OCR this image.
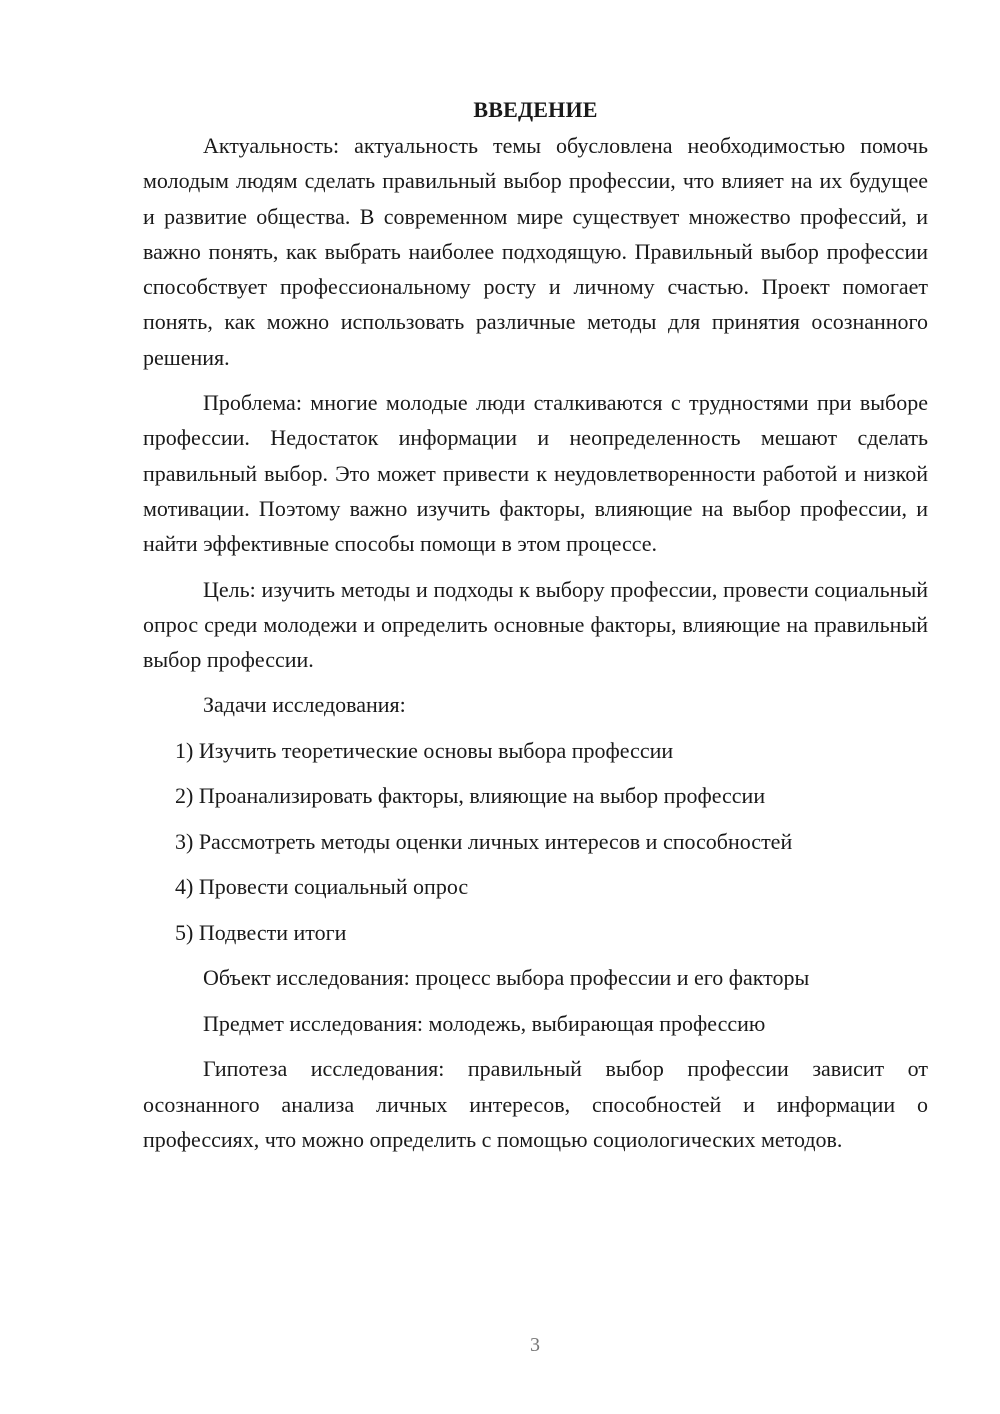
ВВЕДЕНИЕ

Актуальность: актуальность темы обусловлена необходимостью помочь молодым людям сделать правильный выбор профессии, что влияет на их будущее и развитие общества. В современном мире существует множество профессий, и важно понять, как выбрать наиболее подходящую. Правильный выбор профессии способствует профессиональному росту и личному счастью. Проект помогает понять, как можно использовать различные методы для принятия осознанного решения.

Проблема: многие молодые люди сталкиваются с трудностями при выборе профессии. Недостаток информации и неопределенность мешают сделать правильный выбор. Это может привести к неудовлетворенности работой и низкой мотивации. Поэтому важно изучить факторы, влияющие на выбор профессии, и найти эффективные способы помощи в этом процессе.

Цель: изучить методы и подходы к выбору профессии, провести социальный опрос среди молодежи и определить основные факторы, влияющие на правильный выбор профессии.

Задачи исследования:
1) Изучить теоретические основы выбора профессии
2) Проанализировать факторы, влияющие на выбор профессии
3) Рассмотреть методы оценки личных интересов и способностей
4) Провести социальный опрос
5) Подвести итоги
Объект исследования: процесс выбора профессии и его факторы
Предмет исследования: молодежь, выбирающая профессию

Гипотеза исследования: правильный выбор профессии зависит от осознанного анализа личных интересов, способностей и информации о профессиях, что можно определить с помощью социологических методов.

3
